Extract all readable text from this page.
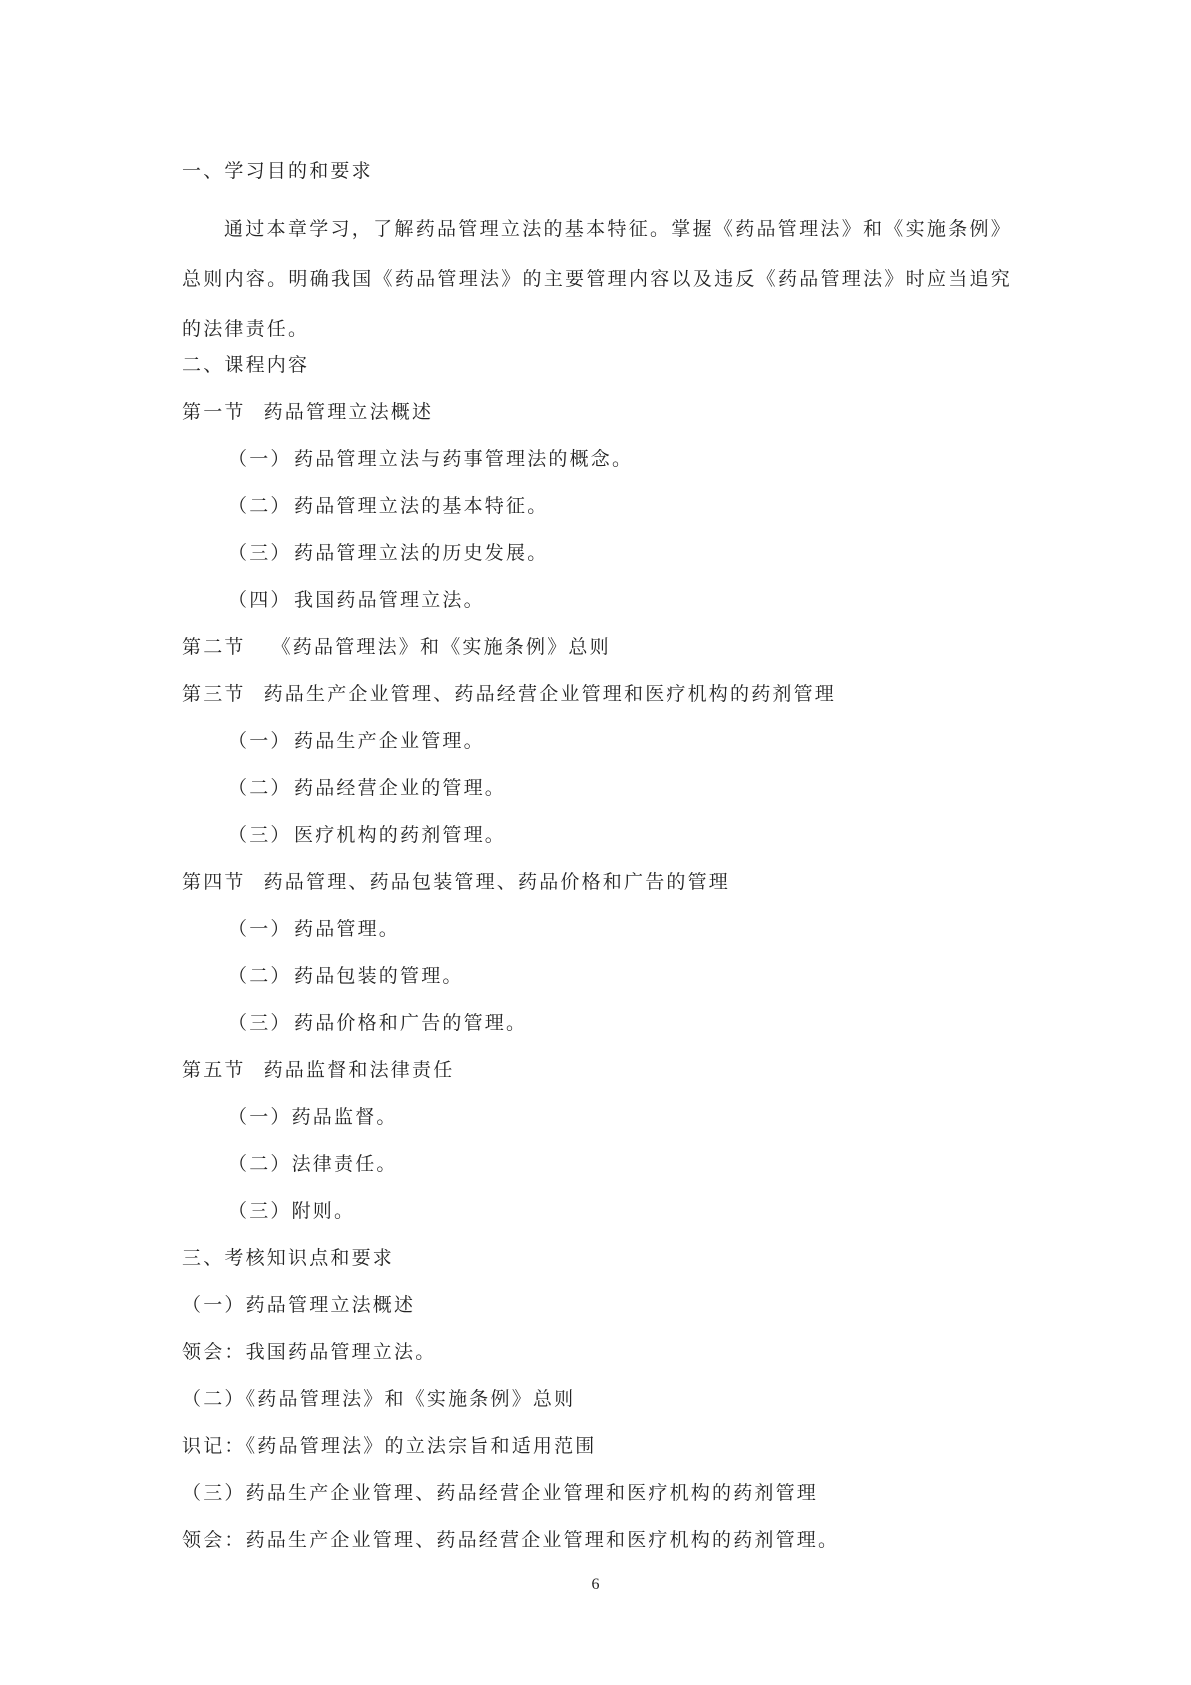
一、学习目的和要求
通过本章学习，了解药品管理立法的基本特征。掌握《药品管理法》和《实施条例》总则内容。明确我国《药品管理法》的主要管理内容以及违反《药品管理法》时应当追究的法律责任。
二、课程内容
第一节 药品管理立法概述
（一） 药品管理立法与药事管理法的概念。
（二） 药品管理立法的基本特征。
（三） 药品管理立法的历史发展。
（四） 我国药品管理立法。
第二节 《药品管理法》和《实施条例》总则
第三节 药品生产企业管理、药品经营企业管理和医疗机构的药剂管理
（一） 药品生产企业管理。
（二） 药品经营企业的管理。
（三） 医疗机构的药剂管理。
第四节 药品管理、药品包装管理、药品价格和广告的管理
（一） 药品管理。
（二） 药品包装的管理。
（三） 药品价格和广告的管理。
第五节 药品监督和法律责任
（一）药品监督。
（二）法律责任。
（三）附则。
三、考核知识点和要求
（一）药品管理立法概述
领会：我国药品管理立法。
（二）《药品管理法》和《实施条例》总则
识记：《药品管理法》的立法宗旨和适用范围
（三）药品生产企业管理、药品经营企业管理和医疗机构的药剂管理
领会：药品生产企业管理、药品经营企业管理和医疗机构的药剂管理。
6
